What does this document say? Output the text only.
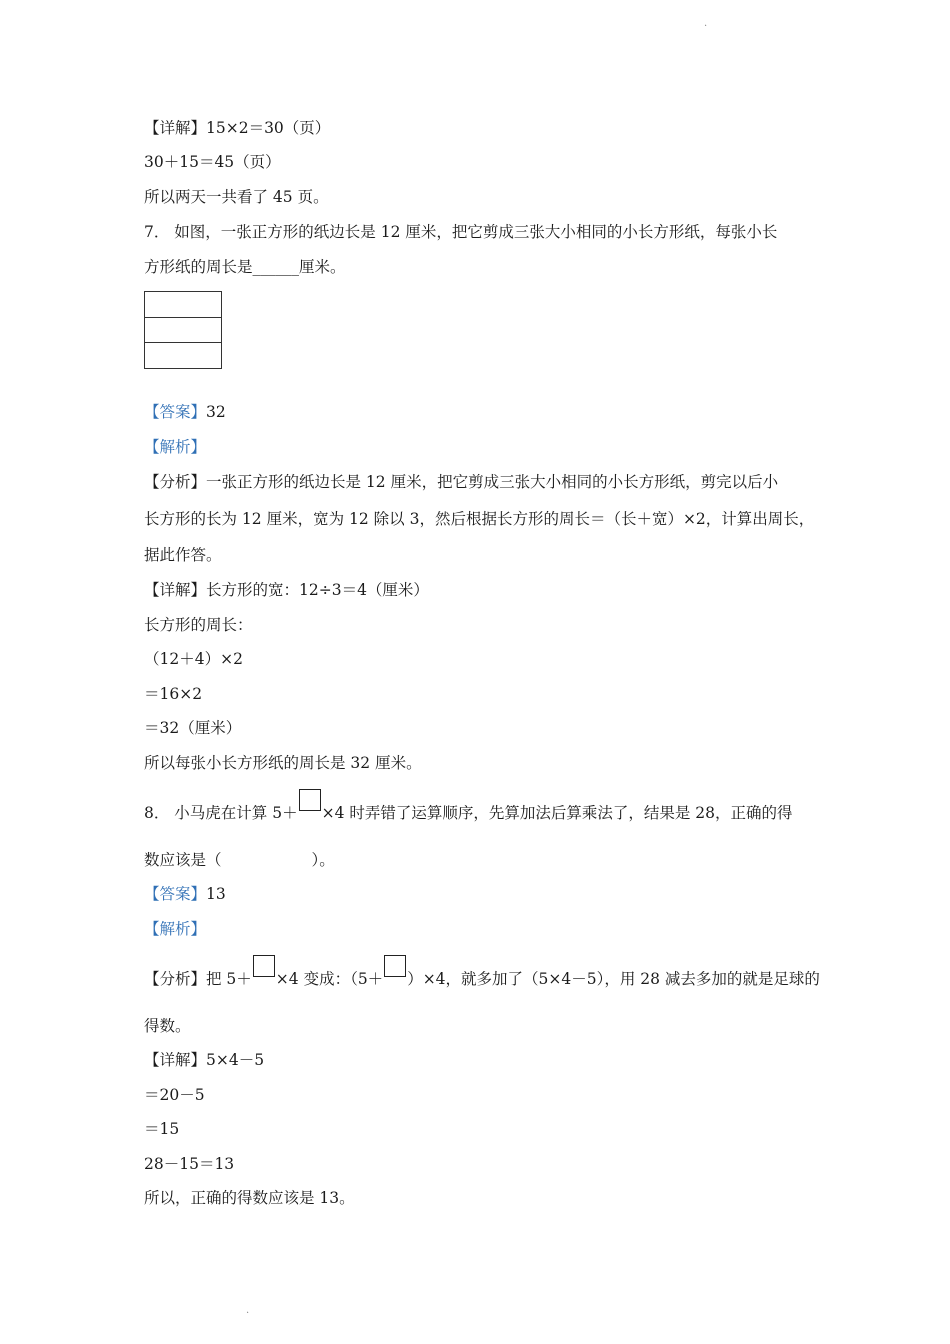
.
【详解】15×2＝30（页）
30＋15＝45（页）
所以两天一共看了 45 页。
7． 如图，一张正方形的纸边长是 12 厘米，把它剪成三张大小相同的小长方形纸，每张小长
方形纸的周长是______厘米。
【答案】32
【解析】
【分析】一张正方形的纸边长是 12 厘米，把它剪成三张大小相同的小长方形纸，剪完以后小
长方形的长为 12 厘米，宽为 12 除以 3，然后根据长方形的周长＝（长＋宽）×2，计算出周长，
据此作答。
【详解】长方形的宽：12÷3＝4（厘米）
长方形的周长：
（12＋4）×2
＝16×2
＝32（厘米）
所以每张小长方形纸的周长是 32 厘米。
8． 小马虎在计算 5＋ ×4 时弄错了运算顺序，先算加法后算乘法了，结果是 28，正确的得
数应该是（	）。
【答案】13
【解析】
【分析】把 5＋ ×4 变成：（5＋ ）×4，就多加了（5×4－5），用 28 减去多加的就是足球的
得数。
【详解】5×4－5
＝20－5
＝15
28－15＝13
所以，正确的得数应该是 13。
.
